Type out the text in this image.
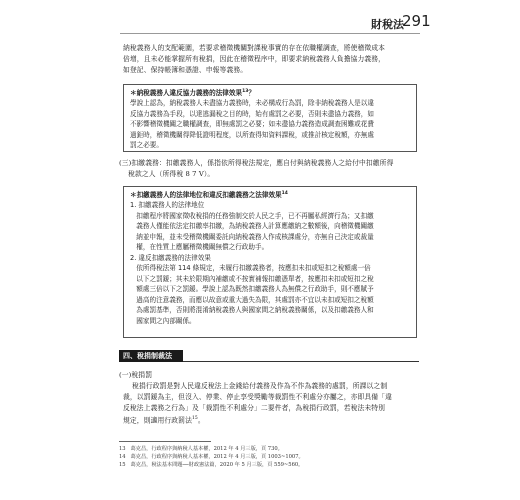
財稅法
291
納稅義務人的支配範圍，若要求稽徵機關對課稅事實的存在依職權調查，將使稽徵成本
倍增，且未必能掌握所有稅捐，因此在稽徵程序中，即要求納稅義務人負擔協力義務，
如登記、保持帳簿和憑證、申報等義務。
＊納稅義務人違反協力義務的法律效果$^{13}$？
學說上認為，納稅義務人未盡協力義務時，未必構成行為罰，除非納稅義務人是以違
反協力義務為手段，以達逃漏稅之目的時，始有處罰之必要，否則未盡協力義務，如
不影響稽徵機關之職權調查，即無處罰之必要；如未盡協力義務造成調查困難或花費
過鉅時，稽徵機關得降低證明程度，以所查得知資料課稅，或推計核定稅額，亦無處
罰之必要。
(三)扣繳義務：扣繳義務人，係指依所得稅法規定，應自付與納稅義務人之給付中扣繳所得
稅款之人（所得稅 8 7 Ⅴ）。
＊扣繳義務人的法律地位和違反扣繳義務之法律效果$^{14}$
1. 扣繳義務人的法律地位
扣繳程序將國家徵收稅捐的任務強制交於人民之手，已不再屬私經濟行為；又扣繳
義務人僅能依法定扣繳率扣繳，為納稅義務人計算應繳納之數額後，向稽徵機關繳
納並申報，並未受稽徵機關委託向納稅義務人作成核課處分，亦無自己決定或裁量
權，在性質上應屬稽徵機關無償之行政助手。
2. 違反扣繳義務的法律效果
依所得稅法第 114 條規定，未履行扣繳義務者，按應扣未扣或短扣之稅額處一倍
以下之罰鍰；其未於限期內補繳或不按實補報扣繳憑單者，按應扣未扣或短扣之稅
額處三倍以下之罰鍰。學說上認為既然扣繳義務人為無償之行政助手，則不應賦予
過高的注意義務，而應以故意或重大過失為限，其處罰亦不宜以未扣或短扣之稅額
為處罰基準，否則將混淆納稅義務人與國家間之納稅義務關係，以及扣繳義務人和
國家間之內部關係。
四、稅捐制裁法
(一)稅捐罰
稅捐行政罰是對人民違反稅法上金錢給付義務及作為不作為義務的處罰，所課以之制
裁，以罰鍰為主，但沒入、停業、停止享受獎勵等裁罰性不利處分亦屬之，亦即具備「違
反稅法上義務之行為」及「裁罰性不利處分」二要件者，為稅捐行政罰，若稅法未特別
規定，則適用行政罰法$^{15}$。
13 葛克昌，行政程序與納稅人基本權，2012 年 4 月三版，頁 730。
14 葛克昌，行政程序與納稅人基本權，2012 年 4 月三版，頁 1003~1007。
15 葛克昌，稅法基本問題──財政憲法篇，2020 年 5 月三版，頁 559~560。
